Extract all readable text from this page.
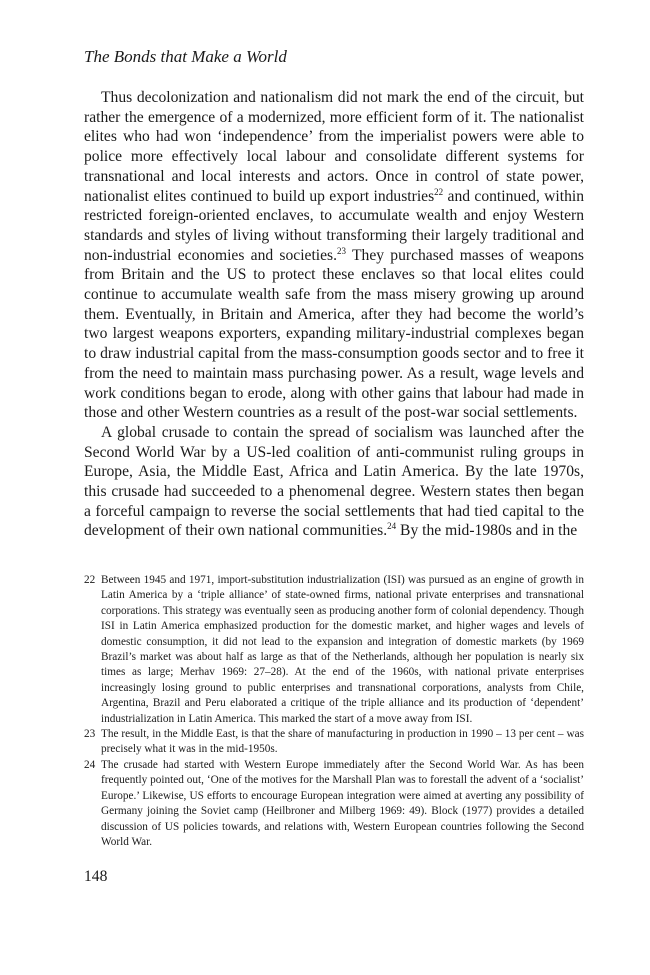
The Bonds that Make a World

Thus decolonization and nationalism did not mark the end of the circuit, but rather the emergence of a modernized, more efficient form of it. The nationalist elites who had won ‘independence’ from the imperialist powers were able to police more effectively local labour and consolidate different systems for transnational and local interests and actors. Once in control of state power, nationalist elites continued to build up export industries$^{22}$ and continued, within restricted foreign-oriented enclaves, to accumulate wealth and enjoy Western standards and styles of living without transforming their largely traditional and non-industrial economies and societies.$^{23}$ They purchased masses of weapons from Britain and the US to protect these enclaves so that local elites could continue to accumulate wealth safe from the mass misery growing up around them. Eventually, in Britain and America, after they had become the world’s two largest weapons exporters, expanding military-industrial complexes began to draw industrial capital from the mass-consumption goods sector and to free it from the need to maintain mass purchasing power. As a result, wage levels and work conditions began to erode, along with other gains that labour had made in those and other Western countries as a result of the post-war social settlements.

A global crusade to contain the spread of socialism was launched after the Second World War by a US-led coalition of anti-communist ruling groups in Europe, Asia, the Middle East, Africa and Latin America. By the late 1970s, this crusade had succeeded to a phenomenal degree. Western states then began a forceful campaign to reverse the social settlements that had tied capital to the development of their own national communities.$^{24}$ By the mid-1980s and in the

22 Between 1945 and 1971, import-substitution industrialization (ISI) was pursued as an engine of growth in Latin America by a ‘triple alliance’ of state-owned firms, national private enterprises and transnational corporations. This strategy was eventually seen as producing another form of colonial dependency. Though ISI in Latin America emphasized production for the domestic market, and higher wages and levels of domestic consumption, it did not lead to the expansion and integration of domestic markets (by 1969 Brazil’s market was about half as large as that of the Netherlands, although her population is nearly six times as large; Merhav 1969: 27–28). At the end of the 1960s, with national private enterprises increasingly losing ground to public enterprises and transnational corporations, analysts from Chile, Argentina, Brazil and Peru elaborated a critique of the triple alliance and its production of ‘dependent’ industrialization in Latin America. This marked the start of a move away from ISI.
23 The result, in the Middle East, is that the share of manufacturing in production in 1990 – 13 per cent – was precisely what it was in the mid-1950s.
24 The crusade had started with Western Europe immediately after the Second World War. As has been frequently pointed out, ‘One of the motives for the Marshall Plan was to forestall the advent of a ‘socialist’ Europe.’ Likewise, US efforts to encourage European integration were aimed at averting any possibility of Germany joining the Soviet camp (Heilbroner and Milberg 1969: 49). Block (1977) provides a detailed discussion of US policies towards, and relations with, Western European countries following the Second World War.
148
